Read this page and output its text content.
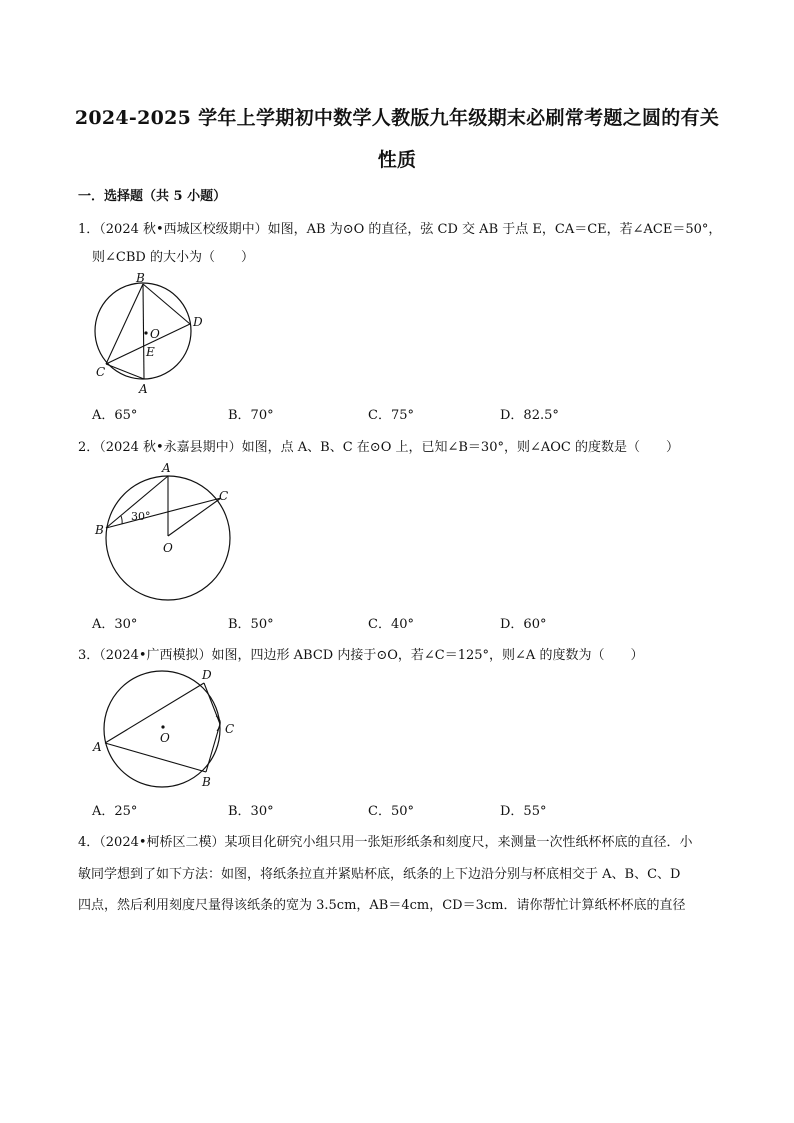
2024-2025 学年上学期初中数学人教版九年级期末必刷常考题之圆的有关
性质
一．选择题（共 5 小题）
1．（2024 秋•西城区校级期中）如图，AB 为⊙O 的直径，弦 CD 交 AB 于点 E，CA＝CE，若∠ACE＝50°，
则∠CBD 的大小为（　　）
B
O
D
E
C
A
A．65°	B．70°	C．75°	D．82.5°
2．（2024 秋•永嘉县期中）如图，点 A、B、C 在⊙O 上，已知∠B＝30°，则∠AOC 的度数是（　　）
A
B
C
O
30°
A．30°	B．50°	C．40°	D．60°
3．（2024•广西模拟）如图，四边形 ABCD 内接于⊙O，若∠C＝125°，则∠A 的度数为（　　）
D
C
O
A
B
A．25°	B．30°	C．50°	D．55°
4．（2024•柯桥区二模）某项目化研究小组只用一张矩形纸条和刻度尺，来测量一次性纸杯杯底的直径．小
敏同学想到了如下方法：如图，将纸条拉直并紧贴杯底，纸条的上下边沿分别与杯底相交于 A、B、C、D
四点，然后利用刻度尺量得该纸条的宽为 3.5cm，AB＝4cm，CD＝3cm．请你帮忙计算纸杯杯底的直径
